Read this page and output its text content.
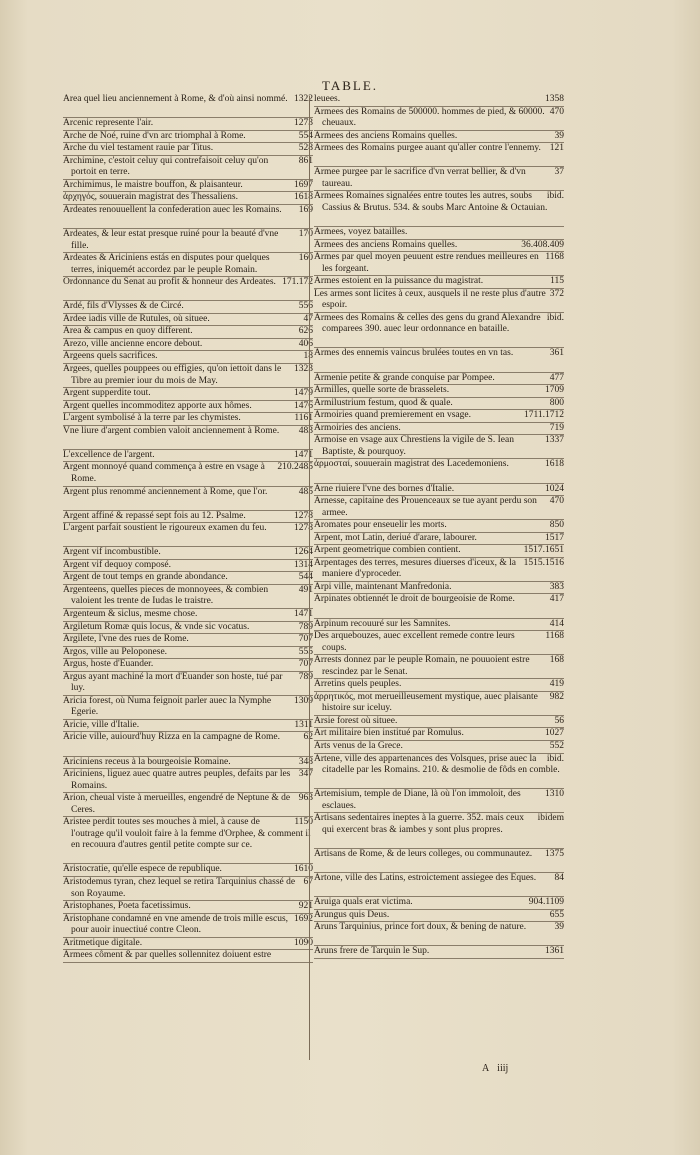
TABLE.
1322
Area quel lieu anciennement à Rome, & d'où ainsi nommé.
1273
Arcenic represente l'air.
554
Arche de Noé, ruine d'vn arc triomphal à Rome.
528
Arche du viel testament rauie par Titus.
861
Archimine, c'estoit celuy qui contrefaisoit celuy qu'on portoit en terre.
1697
Archimimus, le maistre bouffon, & plaisanteur.
1618
ἀρχηγός, souuerain magistrat des Thessaliens.
169
Ardeates renouuellent la confederation auec les Romains.
170
Ardeates, & leur estat presque ruiné pour la beauté d'vne fille.
160
Ardeates & Ariciniens estás en disputes pour quelques terres, iniquemét accordez par le peuple Romain.
171.172
Ordonnance du Senat au profit & honneur des Ardeates.
556
Ardé, fils d'Vlysses & de Circé.
47
Ardee iadis ville de Rutules, où situee.
626
Area & campus en quoy different.
406
Arezo, ville ancienne encore debout.
18
Argeens quels sacrifices.
1323
Argees, quelles pouppees ou effigies, qu'on iettoit dans le Tibre au premier iour du mois de May.
1479
Argent supperdite tout.
1476
Argent quelles incommoditez apporte aux hômes.
1161
L'argent symbolisé à la terre par les chymistes.
483
Vne liure d'argent combien valoit anciennement à Rome.
1471
L'excellence de l'argent.
210.2485
Argent monnoyé quand commença à estre en vsage à Rome.
485
Argent plus renommé anciennement à Rome, que l'or.
1278
Argent affiné & repassé sept fois au 12. Psalme.
1278
L'argent parfait soustient le rigoureux examen du feu.
1264
Argent vif incombustible.
1314
Argent vif dequoy composé.
544
Argent de tout temps en grande abondance.
491
Argenteens, quelles pieces de monnoyees, & combien valoient les trente de Iudas le traistre.
1471
Argenteum & siclus, mesme chose.
789
Argiletum Romæ quis locus, & vnde sic vocatus.
707
Argilete, l'vne des rues de Rome.
555
Argos, ville au Peloponese.
707
Argus, hoste d'Euander.
789
Argus ayant machiné la mort d'Euander son hoste, tué par luy.
1309
Aricia forest, où Numa feignoit parler auec la Nymphe Egerie.
1311
Aricie, ville d'Italie.
62
Aricie ville, auiourd'huy Rizza en la campagne de Rome.
348
Ariciniens receus à la bourgeoisie Romaine.
347
Ariciniens, liguez auec quatre autres peuples, defaits par les Romains.
963
Arion, cheual viste à merueilles, engendré de Neptune & de Ceres.
1150
Aristee perdit toutes ses mouches à miel, à cause de l'outrage qu'il vouloit faire à la femme d'Orphee, & comment il en recouura d'autres gentil petite compte sur ce.
1610
Aristocratie, qu'elle espece de republique.
67
Aristodemus tyran, chez lequel se retira Tarquinius chassé de son Royaume.
921
Aristophanes, Poeta facetissimus.
1692
Aristophane condamné en vne amende de trois mille escus, pour auoir inuectiué contre Cleon.
1090
Aritmetique digitale.
Armees côment & par quelles sollennitez doiuent estre
1358
leuees.
470
Armees des Romains de 500000. hommes de pied, & 60000. cheuaux.
39
Armees des anciens Romains quelles.
121
Armees des Romains purgee auant qu'aller contre l'ennemy.
37
Armee purgee par le sacrifice d'vn verrat bellier, & d'vn taureau.
ibid.
Armees Romaines signalées entre toutes les autres, soubs Cassius & Brutus. 534. & soubs Marc Antoine & Octauian.
Armees, voyez batailles.
36.408.409
Armees des anciens Romains quelles.
1168
Armes par quel moyen peuuent estre rendues meilleures en les forgeant.
115
Armes estoient en la puissance du magistrat.
372
Les armes sont licites à ceux, ausquels il ne reste plus d'autre espoir.
ibid.
Armees des Romains & celles des gens du grand Alexandre comparees 390. auec leur ordonnance en bataille.
361
Armes des ennemis vaincus brulées toutes en vn tas.
477
Armenie petite & grande conquise par Pompee.
1709
Armilles, quelle sorte de brasselets.
800
Armilustrium festum, quod & quale.
1711.1712
Armoiries quand premierement en vsage.
719
Armoiries des anciens.
1337
Armoise en vsage aux Chrestiens la vigile de S. Iean Baptiste, & pourquoy.
1618
ἁρμοσταί, souuerain magistrat des Lacedemoniens.
1024
Arne riuiere l'vne des bornes d'Italie.
470
Arnesse, capitaine des Prouenceaux se tue ayant perdu son armee.
850
Aromates pour enseuelir les morts.
1517
Arpent, mot Latin, deriué d'arare, labourer.
1517.1651
Arpent geometrique combien contient.
1515.1516
Arpentages des terres, mesures diuerses d'iceux, & la maniere d'yproceder.
383
Arpi ville, maintenant Manfredonia.
417
Arpinates obtiennét le droit de bourgeoisie de Rome.
414
Arpinum recouuré sur les Samnites.
1168
Des arquebouzes, auec excellent remede contre leurs coups.
168
Arrests donnez par le peuple Romain, ne pouuoient estre rescindez par le Senat.
419
Arretins quels peuples.
982
ἀρρητικός, mot merueilleusement mystique, auec plaisante histoire sur iceluy.
56
Arsie forest où situee.
1027
Art militaire bien institué par Romulus.
552
Arts venus de la Grece.
ibid.
Artene, ville des appartenances des Volsques, prise auec la citadelle par les Romains. 210. & desmolie de fôds en comble.
1310
Artemisium, temple de Diane, là où l'on immoloit, des esclaues.
ibidem
Artisans sedentaires ineptes à la guerre. 352. mais ceux qui exercent bras & iambes y sont plus propres.
1375
Artisans de Rome, & de leurs colleges, ou communautez.
84
Artone, ville des Latins, estroictement assiegee des Eques.
904.1109
Aruiga quals erat victima.
655
Arungus quis Deus.
39
Aruns Tarquinius, prince fort doux, & bening de nature.
1361
Aruns frere de Tarquin le Sup.
A iiij
